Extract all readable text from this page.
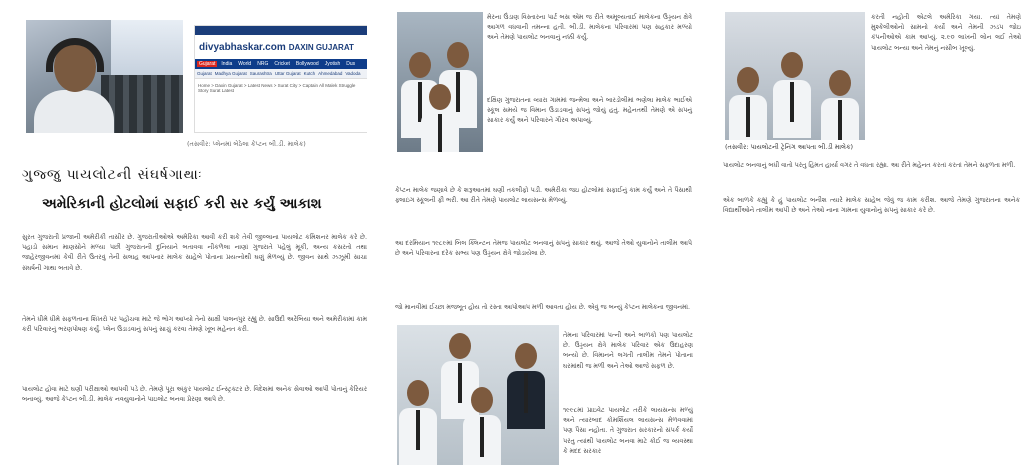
divyabhaskar.com DAXIN GUJARAT
Gujarat	India	World	NRG	Cricket	Bollywood	Jyotish	Dus
Gujarat Madhya Gujarat Saurashtra Uttar Gujarat Kutch Ahmedabad Vadoda
Home > Daxin Gujarat > Latest News > Surat City > Captain All Malek Struggle Story Surat Latest
(તસવીર: પ્લેનમાં બેઠેલા કેપ્ટન બી.ડી. માલેક)
ગુજ્જુ પાયલોટની સંઘર્ષગાથાઃ
અમેરિકાની હોટલોમાં સફાઈ કરી સર કર્યું આકાશ

સુરત ગુજરાતી પ્રજાની અમેરીકી તાસીર છે. ગુજરાતીઓએ અમેરિકા આવી કરી શકે તેવી જીલ્લાના પાયલોટ કમિશનર માલેક કરે છે. પહાડો સમાન માણસોને મળ્યા પછી ગુજરાતની દુનિયાને બતાવવા નીકળેલા નાણાં ગુજરાતે પહેલું મૂકી, અન્ય કસરતો તથા જાહેરજીવનમાં કેવી રીતે ઉતરવું તેની સલાહ આપનાર માલેક સાહેબે પોતાના પ્રયત્નોથી ઘણું મેળવ્યું છે. જીવન સાથે ઝઝૂમી સાચા સંઘર્ષની ગાથા બતાવે છે.

તેમને ધીમે ધીમે સફળતાના શિખરો પર પહોંચવા માટે જે ભોગ આપ્યો તેનો સાક્ષી પાલનપુર રહ્યું છે. સાઉદી અરેબિયા અને અમેરીકામાં કામ કરી પરિવારનું ભરણપોષણ કર્યું. પ્લેન ઉડાડવાનું સપનું સાચું કરવા તેમણે ખૂબ મહેનત કરી.

પાયલોટ હોવા માટે ઘણી પરીક્ષાઓ આપવી પડે છે. તેમણે પૂરા અંકુર પાયલોટ ઈન્સ્ટ્રક્ટર છે. વિદેશમાં અનેક સેવાઓ આપી પોતાનું કેરિયર બનાવ્યું. આજે કેપ્ટન બી.ડી. માલેક નવયુવાનોને પાઇલોટ બનવા પ્રેરણા આપે છે.

મેરના ઉંડાણ વિસ્તારના પાર્ટ બસ એમ જ રીતે અમૂલ્યતાઈ માલેકના ઉડ્ડયન ક્ષેત્રે આગળ વધવાની તમન્ના હતી. બી.ડી. માલેકના પરિવારમાં પણ સહકાર મળ્યો અને તેમણે પાયલોટ બનવાનું નક્કી કર્યું.

દક્ષિણ ગુજરાતના વ્યારા ગામમાં જન્મેલા અને બારડોલીમાં ભણેલા માલેક ભાઈએ સ્કૂલ સમયે જ વિમાન ઉડાડવાનું સપનું જોયું હતું. મહેનતથી તેમણે એ સપનું સાકાર કર્યું અને પરિવારને ગૌરવ અપાવ્યું.

કેપ્ટન માલેક જણાવે છે કે શરૂઆતમાં ઘણી તકલીફો પડી. અમેરીકા જઇ હોટલોમાં સફાઈનું કામ કર્યું અને તે પૈસાથી ફ્લાઇંગ સ્કૂલની ફી ભરી. આ રીતે તેમણે પાયલોટ લાયસન્સ મેળવ્યું.

આ દરમિયાન ૧૯૮૯માં બિલ ક્લિન્ટન તેમજ પાયલોટ બનવાનું સપનું સાકાર થયું. આજે તેઓ યુવાનોને તાલીમ આપે છે અને પરિવારના દરેક સભ્ય પણ ઉડ્ડયન ક્ષેત્રે જોડાયેલા છે.

જો માનવીમાં ઈચ્છા મજબૂત હોય તો રસ્તા આપોઆપ મળી આવતા હોય છે. એવું જ બન્યું કેપ્ટન માલેકના જીવનમાં.

તેમના પરિવારમાં પત્ની અને બાળકો પણ પાયલોટ છે. ઉડ્ડયન ક્ષેત્રે માલેક પરિવાર એક ઉદાહરણ બન્યો છે. વિમાનને લગતી તાલીમ તેમને પોતાના ઘરમાંથી જ મળી અને તેઓ આજે સફળ છે.

૧૯૯૮માં પ્રાઇવેટ પાયલોટ તરીકે લાયસન્સ મળ્યું અને ત્યારબાદ કોમર્શિયલ લાયસન્સ મેળવવામાં પણ પૈસા નહોતા. તે ગુજરાત સરકારનો સંપર્ક કર્યો પરંતુ ત્યાંથી પાયલોટ બનવા માટે કોઈ જ વ્યવસ્થા કે મદદ સરકાર

(તસવીર: પાયલોટની ટ્રેનિંગ આપતા બી.ડી માલેક)

કરતી નહોતી એટલે અમેરિકા ગયા. ત્યાં તેમણે મુશ્કેલીઓનો સામનો કર્યો અને તેમની ઝડપ જોઇ કંપનીઓએ કામ આપ્યું. ૨.૯૦ લાખની લોન લઈ તેઓ પાયલોટ બન્યા અને તેમનું નસીબ ખૂલ્યું.

પાયલોટ બનવાનું બધી વાતો પરંતુ હિંમત હાર્યા વગર તે વધતા રહ્યા. આ રીતે મહેનત કરતાં કરતાં તેમને સફળતા મળી.

એક બાળકે કહ્યું કે હું પાયલોટ બનીશ ત્યારે માલેક સાહેબ જેવું જ કામ કરીશ. આજે તેમણે ગુજરાતના અનેક વિદ્યાર્થીઓને તાલીમ આપી છે અને તેઓ નાના ગામના યુવાનોનું સપનું સાકાર કરે છે.
